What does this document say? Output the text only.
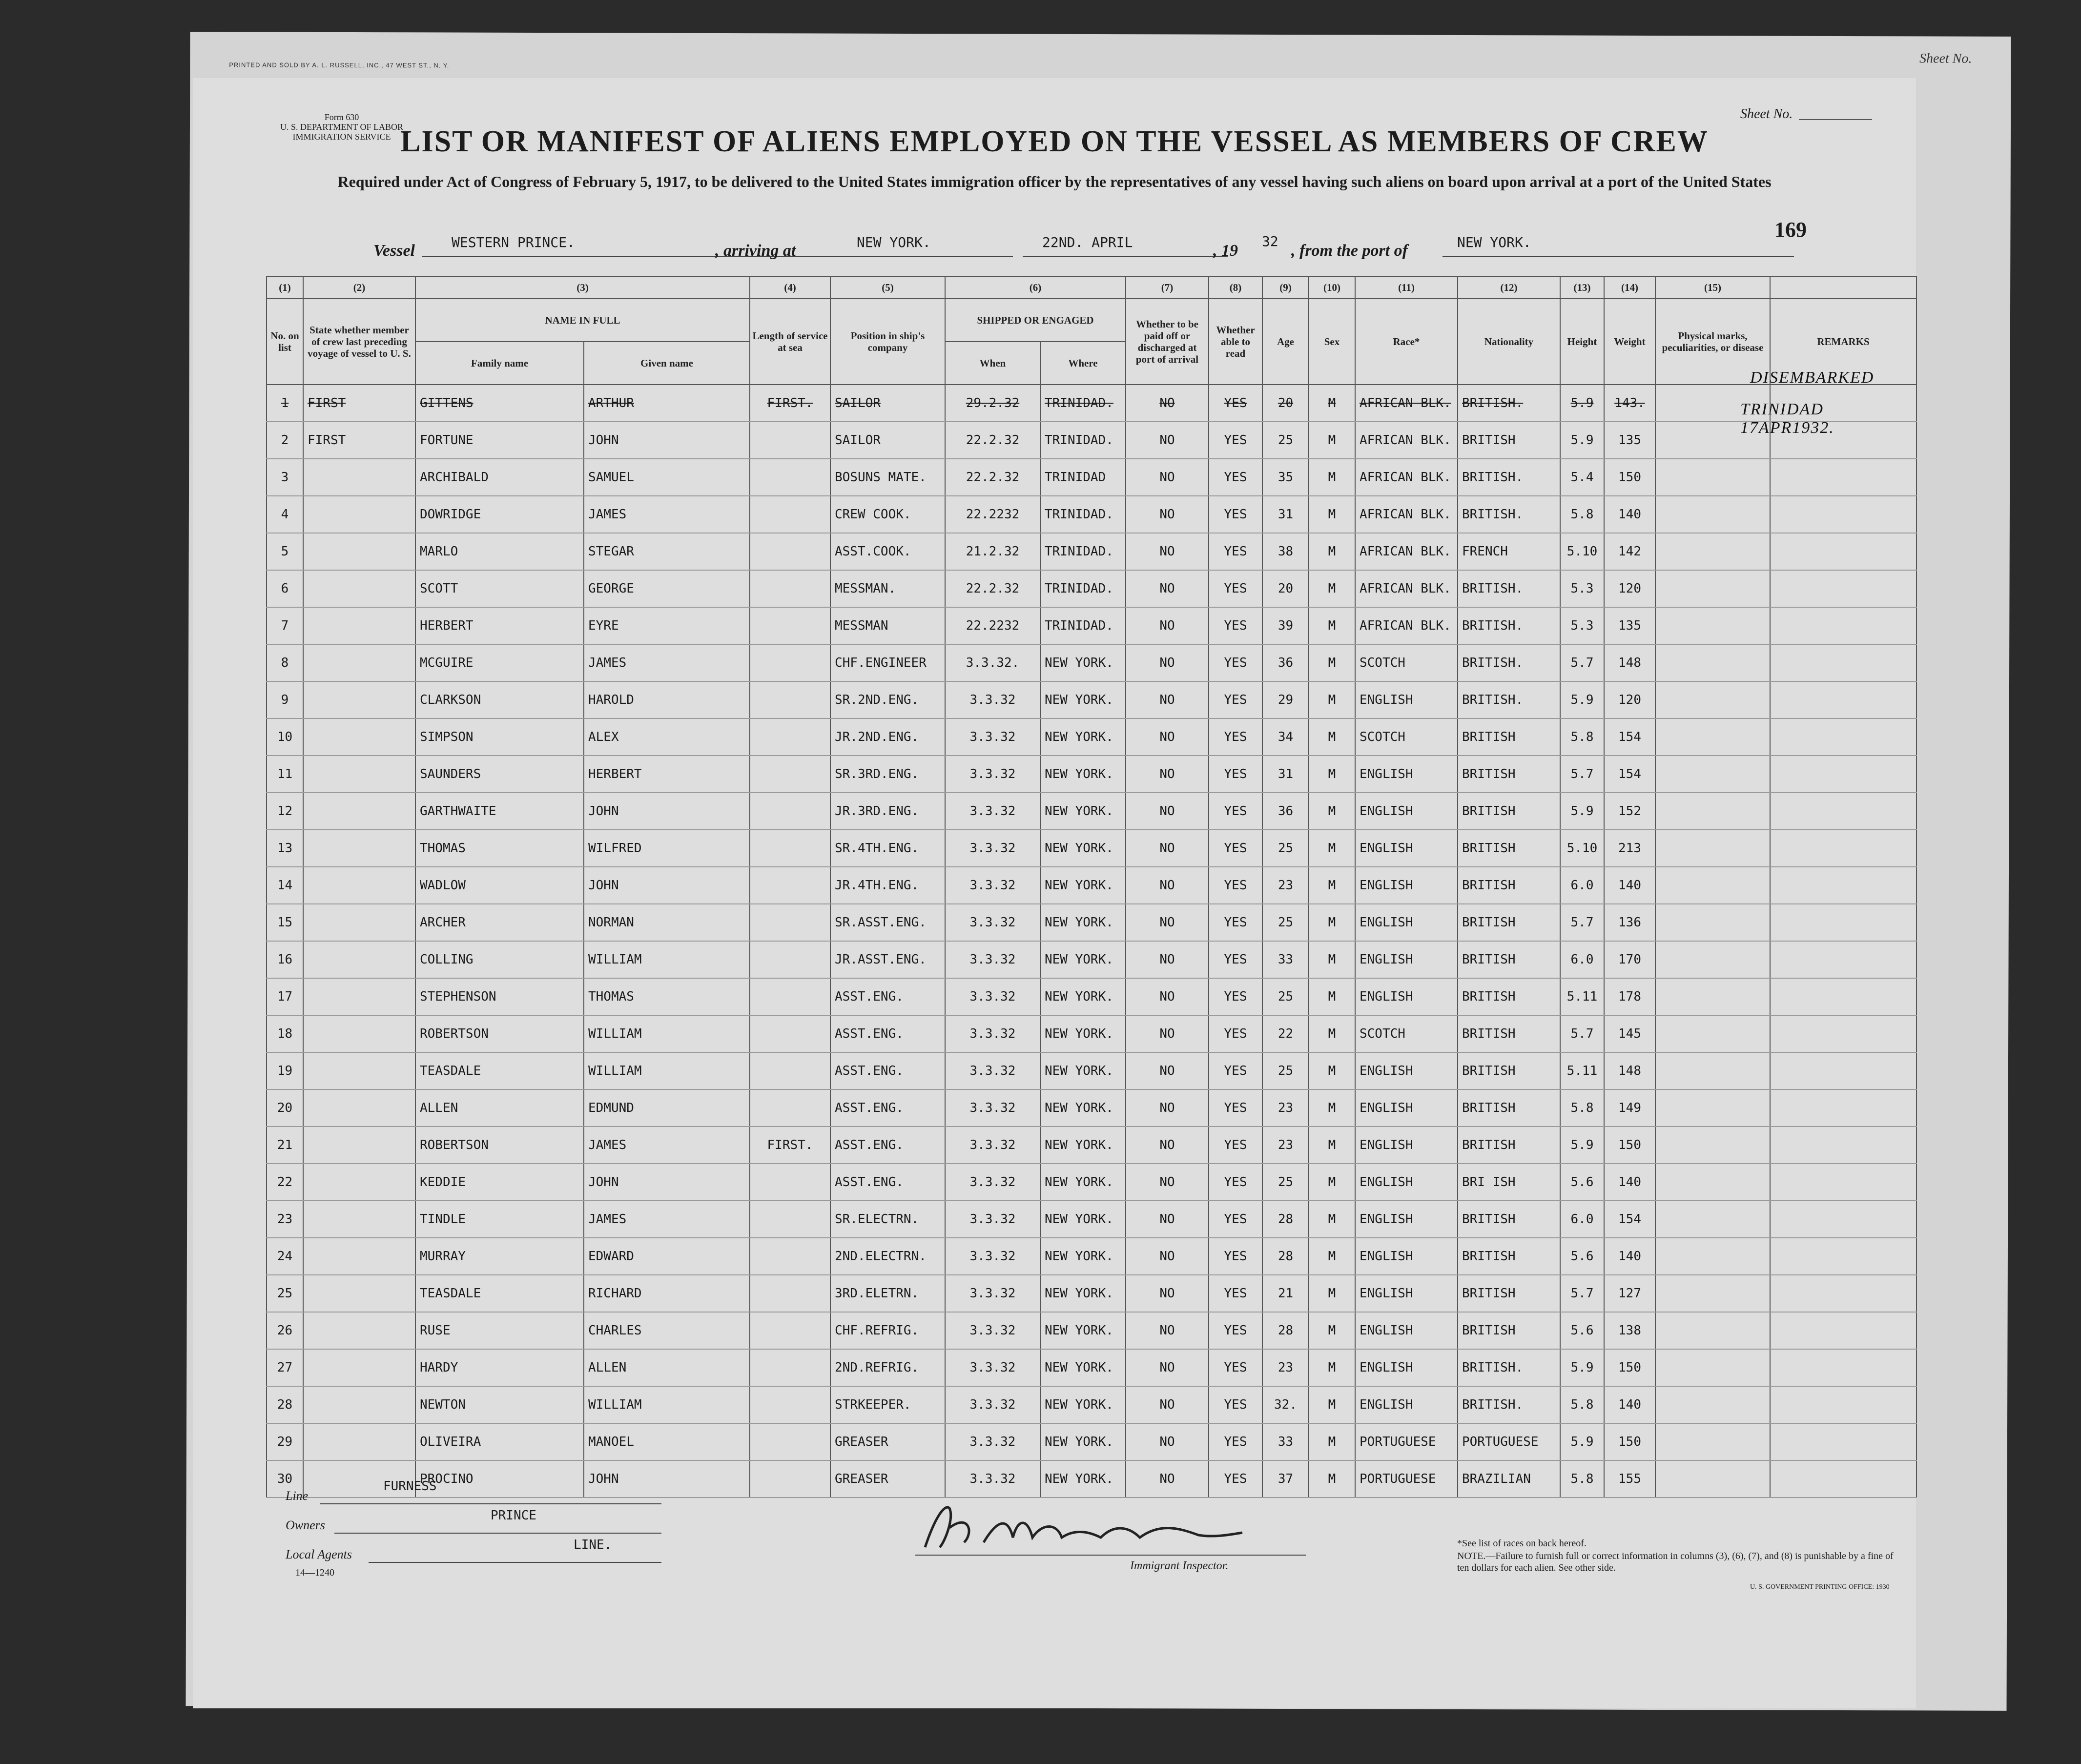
PRINTED AND SOLD BY A. L. RUSSELL, INC., 47 WEST ST., N. Y.	Sheet No.
Form 630
U. S. DEPARTMENT OF LABOR
IMMIGRATION SERVICE
Sheet No.
LIST OR MANIFEST OF ALIENS EMPLOYED ON THE VESSEL AS MEMBERS OF CREW
Required under Act of Congress of February 5, 1917, to be delivered to the United States immigration officer by the representatives of any vessel having such aliens on board upon arrival at a port of the United States
169
Vessel	WESTERN PRINCE.	, arriving at	NEW YORK.	22ND. APRIL	, 19
32
, from the port of	NEW YORK.
(1)	(2)	(3)		(4)	(5)	(6)		(7)	(8)	(9)	(10)	(11)	(12)	(13)	(14)	(15)	
No. on list	State whether member of crew last preceding voyage of vessel to U. S.	NAME IN FULL		Length of service at sea	Position in ship's company	SHIPPED OR ENGAGED		Whether to be paid off or discharged at port of arrival	Whether able to read	Age	Sex	Race*	Nationality	Height	Weight	Physical marks, peculiarities, or disease	REMARKS
		Family name	Given name			When	Where										
1	FIRST	GITTENS	ARTHUR	FIRST.	SAILOR	29.2.32	TRINIDAD.	NO	YES	20	M	AFRICAN BLK.	BRITISH.	5.9	143.		
2	FIRST	FORTUNE	JOHN		SAILOR	22.2.32	TRINIDAD.	NO	YES	25	M	AFRICAN BLK.	BRITISH	5.9	135		
3		ARCHIBALD	SAMUEL		BOSUNS MATE.	22.2.32	TRINIDAD	NO	YES	35	M	AFRICAN BLK.	BRITISH.	5.4	150		
4		DOWRIDGE	JAMES		CREW COOK.	22.2232	TRINIDAD.	NO	YES	31	M	AFRICAN BLK.	BRITISH.	5.8	140		
5		MARLO	STEGAR		ASST.COOK.	21.2.32	TRINIDAD.	NO	YES	38	M	AFRICAN BLK.	FRENCH	5.10	142		
6		SCOTT	GEORGE		MESSMAN.	22.2.32	TRINIDAD.	NO	YES	20	M	AFRICAN BLK.	BRITISH.	5.3	120		
7		HERBERT	EYRE		MESSMAN	22.2232	TRINIDAD.	NO	YES	39	M	AFRICAN BLK.	BRITISH.	5.3	135		
8		MCGUIRE	JAMES		CHF.ENGINEER	3.3.32.	NEW YORK.	NO	YES	36	M	SCOTCH	BRITISH.	5.7	148		
9		CLARKSON	HAROLD		SR.2ND.ENG.	3.3.32	NEW YORK.	NO	YES	29	M	ENGLISH	BRITISH.	5.9	120		
10		SIMPSON	ALEX		JR.2ND.ENG.	3.3.32	NEW YORK.	NO	YES	34	M	SCOTCH	BRITISH	5.8	154		
11		SAUNDERS	HERBERT		SR.3RD.ENG.	3.3.32	NEW YORK.	NO	YES	31	M	ENGLISH	BRITISH	5.7	154		
12		GARTHWAITE	JOHN		JR.3RD.ENG.	3.3.32	NEW YORK.	NO	YES	36	M	ENGLISH	BRITISH	5.9	152		
13		THOMAS	WILFRED		SR.4TH.ENG.	3.3.32	NEW YORK.	NO	YES	25	M	ENGLISH	BRITISH	5.10	213		
14		WADLOW	JOHN		JR.4TH.ENG.	3.3.32	NEW YORK.	NO	YES	23	M	ENGLISH	BRITISH	6.0	140		
15		ARCHER	NORMAN		SR.ASST.ENG.	3.3.32	NEW YORK.	NO	YES	25	M	ENGLISH	BRITISH	5.7	136		
16		COLLING	WILLIAM		JR.ASST.ENG.	3.3.32	NEW YORK.	NO	YES	33	M	ENGLISH	BRITISH	6.0	170		
17		STEPHENSON	THOMAS		ASST.ENG.	3.3.32	NEW YORK.	NO	YES	25	M	ENGLISH	BRITISH	5.11	178		
18		ROBERTSON	WILLIAM		ASST.ENG.	3.3.32	NEW YORK.	NO	YES	22	M	SCOTCH	BRITISH	5.7	145		
19		TEASDALE	WILLIAM		ASST.ENG.	3.3.32	NEW YORK.	NO	YES	25	M	ENGLISH	BRITISH	5.11	148		
20		ALLEN	EDMUND		ASST.ENG.	3.3.32	NEW YORK.	NO	YES	23	M	ENGLISH	BRITISH	5.8	149		
21		ROBERTSON	JAMES	FIRST.	ASST.ENG.	3.3.32	NEW YORK.	NO	YES	23	M	ENGLISH	BRITISH	5.9	150		
22		KEDDIE	JOHN		ASST.ENG.	3.3.32	NEW YORK.	NO	YES	25	M	ENGLISH	BRI ISH	5.6	140		
23		TINDLE	JAMES		SR.ELECTRN.	3.3.32	NEW YORK.	NO	YES	28	M	ENGLISH	BRITISH	6.0	154		
24		MURRAY	EDWARD		2ND.ELECTRN.	3.3.32	NEW YORK.	NO	YES	28	M	ENGLISH	BRITISH	5.6	140		
25		TEASDALE	RICHARD		3RD.ELETRN.	3.3.32	NEW YORK.	NO	YES	21	M	ENGLISH	BRITISH	5.7	127		
26		RUSE	CHARLES		CHF.REFRIG.	3.3.32	NEW YORK.	NO	YES	28	M	ENGLISH	BRITISH	5.6	138		
27		HARDY	ALLEN		2ND.REFRIG.	3.3.32	NEW YORK.	NO	YES	23	M	ENGLISH	BRITISH.	5.9	150		
28		NEWTON	WILLIAM		STRKEEPER.	3.3.32	NEW YORK.	NO	YES	32.	M	ENGLISH	BRITISH.	5.8	140		
29		OLIVEIRA	MANOEL		GREASER	3.3.32	NEW YORK.	NO	YES	33	M	PORTUGUESE	PORTUGUESE	5.9	150		
30		PROCINO	JOHN		GREASER	3.3.32	NEW YORK.	NO	YES	37	M	PORTUGUESE	BRAZILIAN	5.8	155		
DISEMBARKED
TRINIDAD 17APR1932.
Line
FURNESS
Owners
PRINCE
Local Agents
LINE.
14—1240
Immigrant Inspector.
*See list of races on back hereof.
NOTE.—Failure to furnish full or correct information in columns (3), (6), (7), and (8) is punishable by a fine of ten dollars for each alien. See other side.
U. S. GOVERNMENT PRINTING OFFICE: 1930
